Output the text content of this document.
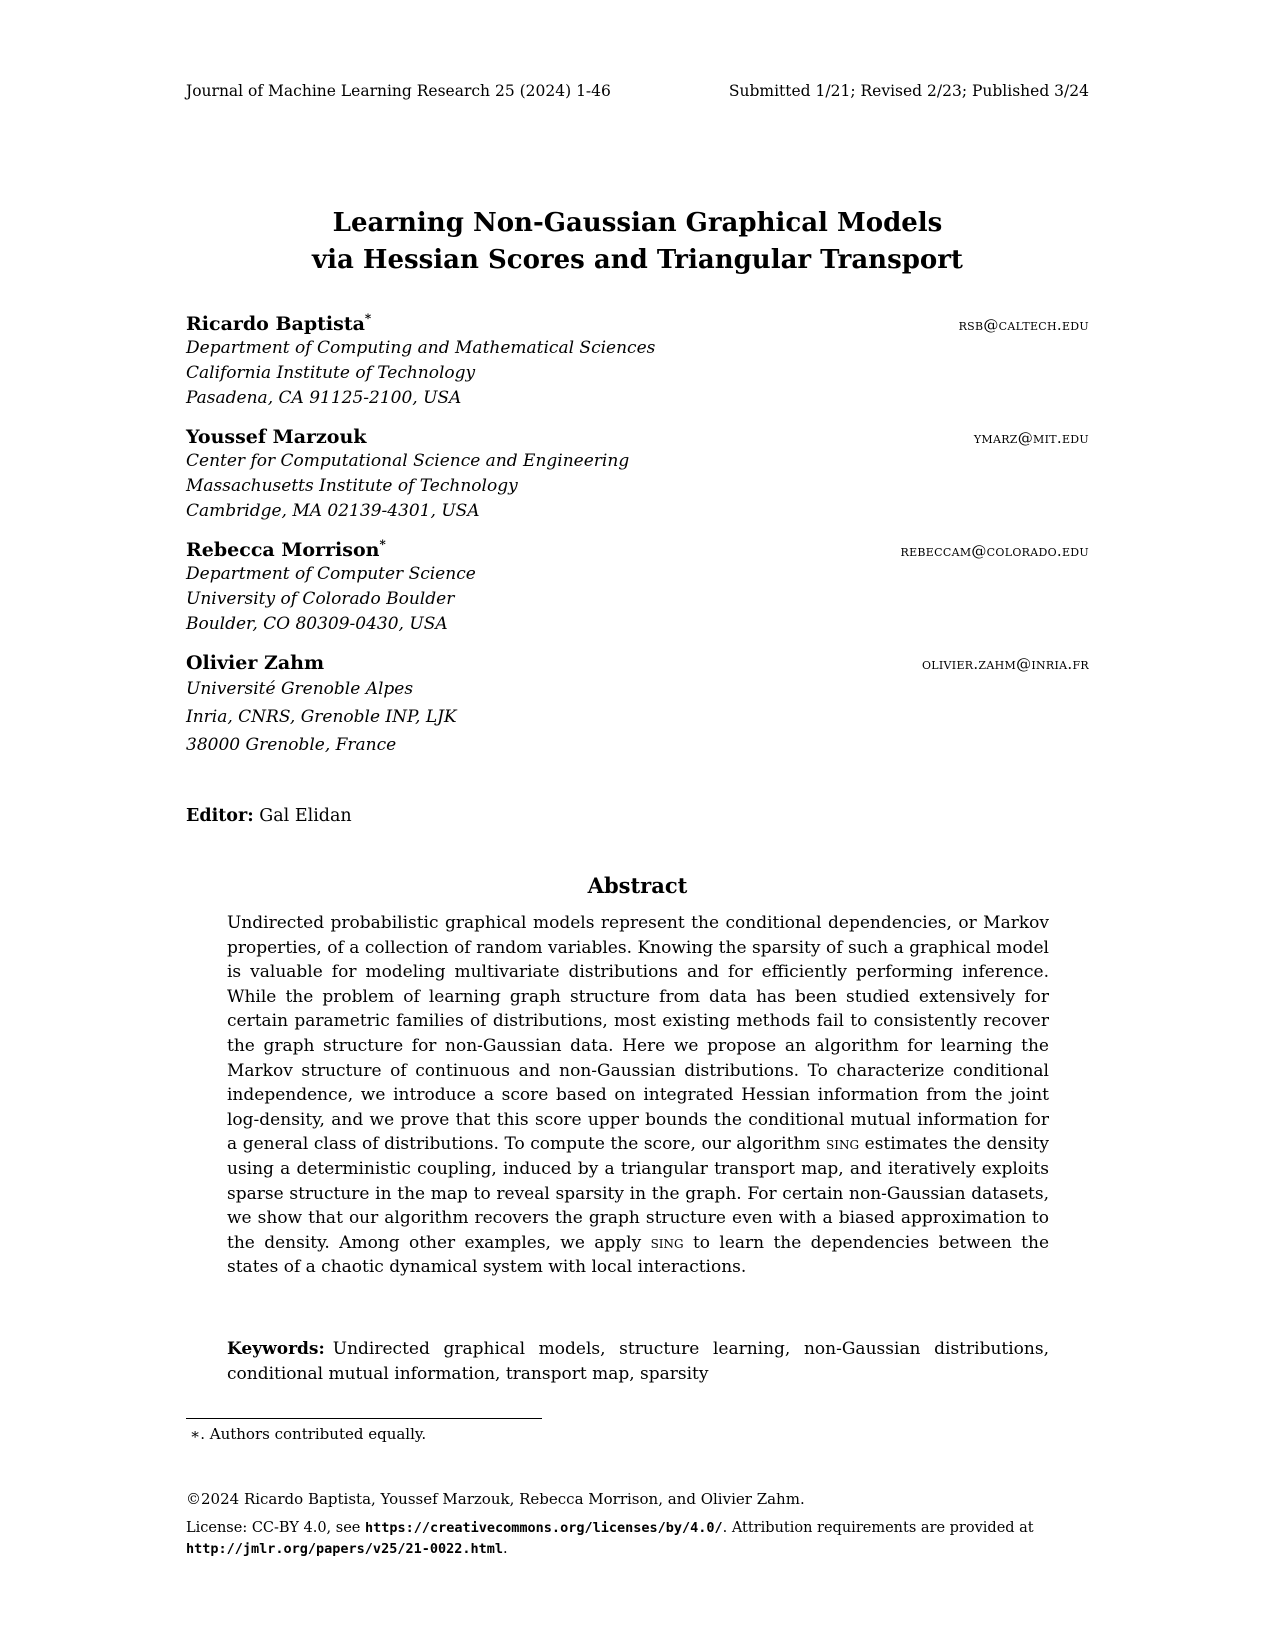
Journal of Machine Learning Research 25 (2024) 1-46	Submitted 1/21; Revised 2/23; Published 3/24
Learning Non-Gaussian Graphical Models
via Hessian Scores and Triangular Transport
Ricardo Baptista*	rsb@caltech.edu
Department of Computing and Mathematical Sciences
California Institute of Technology
Pasadena, CA 91125-2100, USA
Youssef Marzouk	ymarz@mit.edu
Center for Computational Science and Engineering
Massachusetts Institute of Technology
Cambridge, MA 02139-4301, USA
Rebecca Morrison*	rebeccam@colorado.edu
Department of Computer Science
University of Colorado Boulder
Boulder, CO 80309-0430, USA
Olivier Zahm	olivier.zahm@inria.fr
Université Grenoble Alpes
Inria, CNRS, Grenoble INP, LJK
38000 Grenoble, France
Editor: Gal Elidan
Abstract
Undirected probabilistic graphical models represent the conditional dependencies, or Markov properties, of a collection of random variables. Knowing the sparsity of such a graphical model is valuable for modeling multivariate distributions and for efficiently performing inference. While the problem of learning graph structure from data has been studied extensively for certain parametric families of distributions, most existing methods fail to consistently recover the graph structure for non-Gaussian data. Here we propose an algorithm for learning the Markov structure of continuous and non-Gaussian distributions. To characterize conditional independence, we introduce a score based on integrated Hessian information from the joint log-density, and we prove that this score upper bounds the conditional mutual information for a general class of distributions. To compute the score, our algorithm sing estimates the density using a deterministic coupling, induced by a triangular transport map, and iteratively exploits sparse structure in the map to reveal sparsity in the graph. For certain non-Gaussian datasets, we show that our algorithm recovers the graph structure even with a biased approximation to the density. Among other examples, we apply sing to learn the dependencies between the states of a chaotic dynamical system with local interactions.
Keywords: Undirected graphical models, structure learning, non-Gaussian distributions, conditional mutual information, transport map, sparsity
∗. Authors contributed equally.
©2024 Ricardo Baptista, Youssef Marzouk, Rebecca Morrison, and Olivier Zahm.
License: CC-BY 4.0, see https://creativecommons.org/licenses/by/4.0/. Attribution requirements are provided at http://jmlr.org/papers/v25/21-0022.html.
